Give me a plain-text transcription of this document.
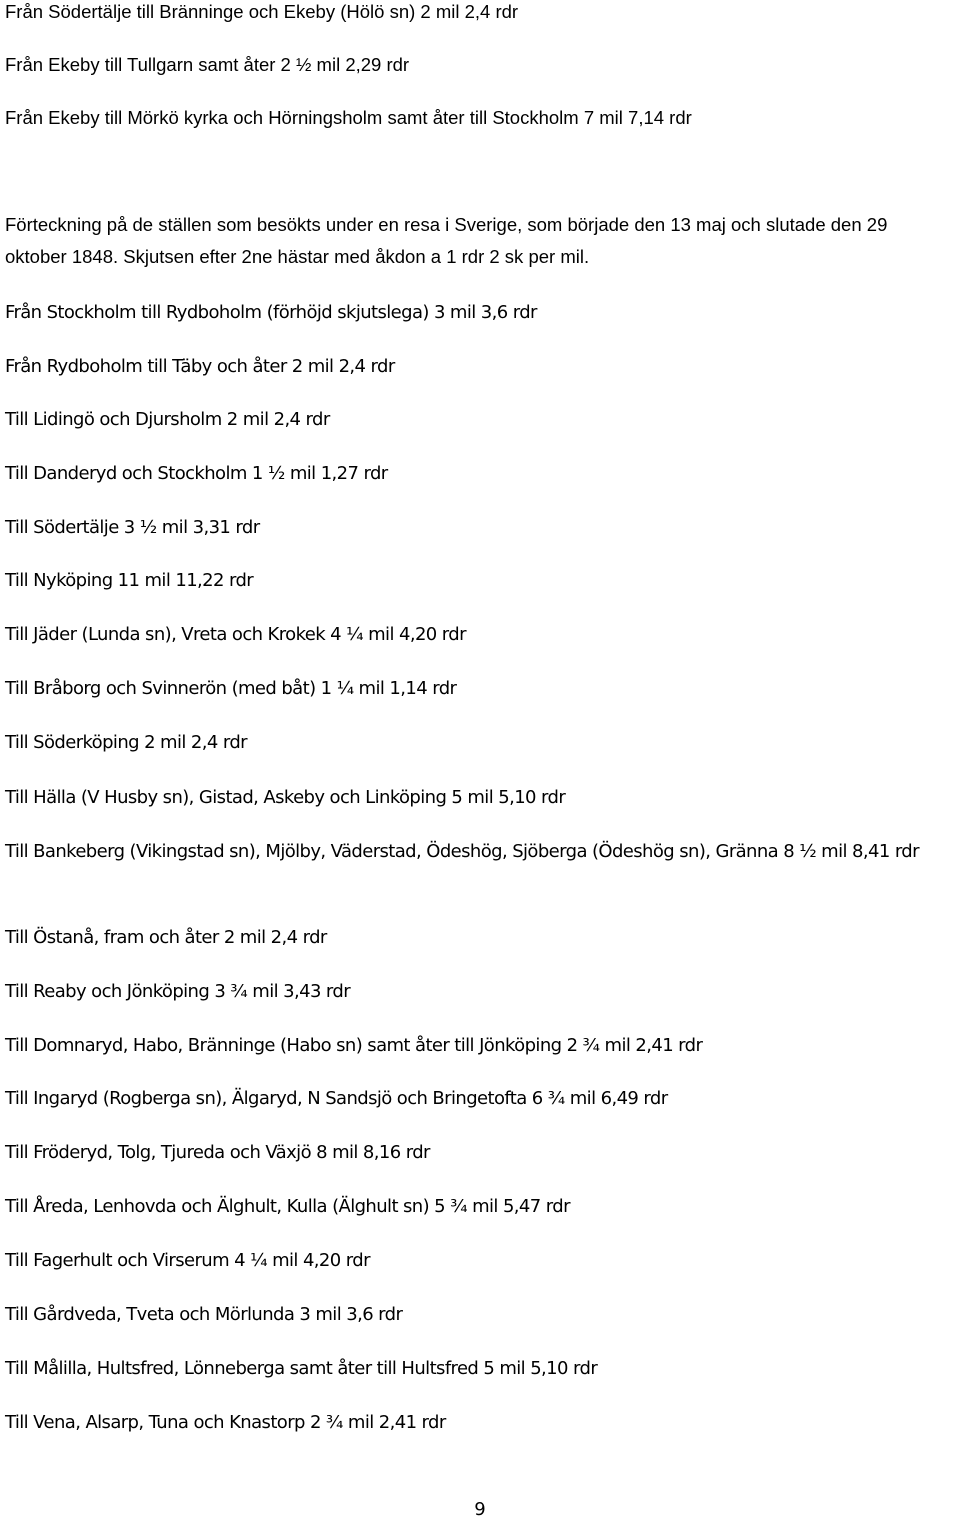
Från Södertälje till Bränninge och Ekeby (Hölö sn) 2 mil 2,4 rdr

Från Ekeby till Tullgarn samt åter 2 ½ mil 2,29 rdr

Från Ekeby till Mörkö kyrka och Hörningsholm samt åter till Stockholm 7 mil 7,14 rdr

Förteckning på de ställen som besökts under en resa i Sverige, som började den 13 maj och slutade den 29 oktober 1848. Skjutsen efter 2ne hästar med åkdon a 1 rdr 2 sk per mil.

Från Stockholm till Rydboholm (förhöjd skjutslega) 3 mil 3,6 rdr

Från Rydboholm till Täby och åter 2 mil 2,4 rdr

Till Lidingö och Djursholm 2 mil 2,4 rdr

Till Danderyd och Stockholm 1 ½ mil 1,27 rdr

Till Södertälje 3 ½ mil 3,31 rdr

Till Nyköping 11 mil 11,22 rdr

Till Jäder (Lunda sn), Vreta och Krokek 4 ¼ mil 4,20 rdr

Till Bråborg och Svinnerön (med båt) 1 ¼ mil 1,14 rdr

Till Söderköping 2 mil 2,4 rdr

Till Hälla (V Husby sn), Gistad, Askeby och Linköping 5 mil 5,10 rdr

Till Bankeberg (Vikingstad sn), Mjölby, Väderstad, Ödeshög, Sjöberga (Ödeshög sn), Gränna 8 ½ mil 8,41 rdr

Till Östanå, fram och åter 2 mil 2,4 rdr

Till Reaby och Jönköping 3 ¾ mil 3,43 rdr

Till Domnaryd, Habo, Bränninge (Habo sn) samt åter till Jönköping 2 ¾ mil 2,41 rdr

Till Ingaryd (Rogberga sn), Älgaryd, N Sandsjö och Bringetofta 6 ¾ mil 6,49 rdr

Till Fröderyd, Tolg, Tjureda och Växjö 8 mil 8,16 rdr

Till Åreda, Lenhovda och Älghult, Kulla (Älghult sn) 5 ¾ mil 5,47 rdr

Till Fagerhult och Virserum 4 ¼ mil 4,20 rdr

Till Gårdveda, Tveta och Mörlunda 3 mil 3,6 rdr

Till Målilla, Hultsfred, Lönneberga samt åter till Hultsfred 5 mil 5,10 rdr

Till Vena, Alsarp, Tuna och Knastorp 2 ¾ mil 2,41 rdr

9
